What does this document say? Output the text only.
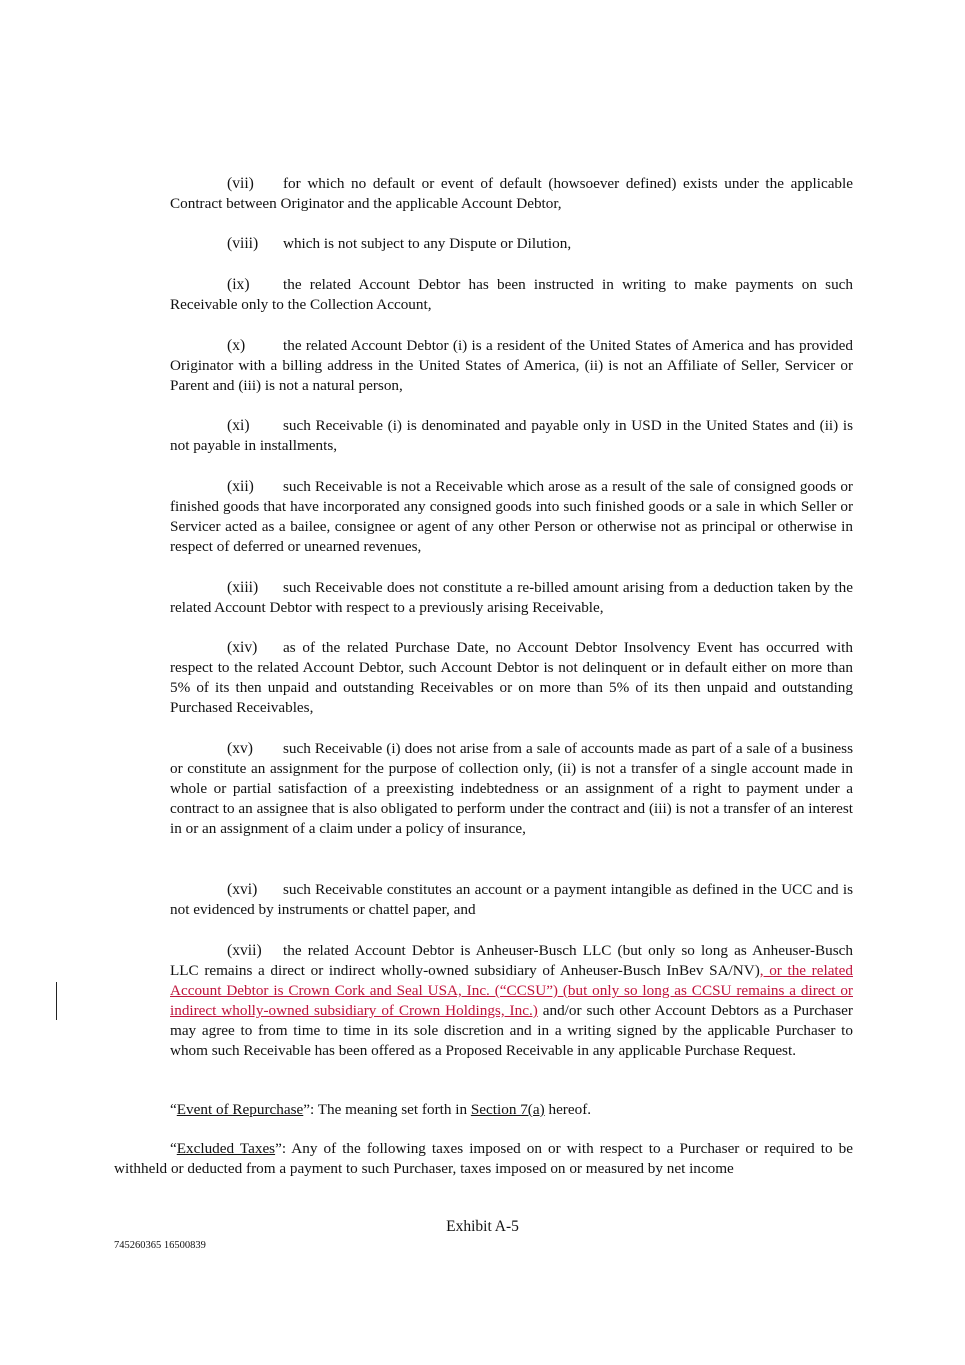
(vii) for which no default or event of default (howsoever defined) exists under the applicable Contract between Originator and the applicable Account Debtor,

(viii) which is not subject to any Dispute or Dilution,

(ix) the related Account Debtor has been instructed in writing to make payments on such Receivable only to the Collection Account,

(x) the related Account Debtor (i) is a resident of the United States of America and has provided Originator with a billing address in the United States of America, (ii) is not an Affiliate of Seller, Servicer or Parent and (iii) is not a natural person,

(xi) such Receivable (i) is denominated and payable only in USD in the United States and (ii) is not payable in installments,

(xii) such Receivable is not a Receivable which arose as a result of the sale of consigned goods or finished goods that have incorporated any consigned goods into such finished goods or a sale in which Seller or Servicer acted as a bailee, consignee or agent of any other Person or otherwise not as principal or otherwise in respect of deferred or unearned revenues,

(xiii) such Receivable does not constitute a re-billed amount arising from a deduction taken by the related Account Debtor with respect to a previously arising Receivable,

(xiv) as of the related Purchase Date, no Account Debtor Insolvency Event has occurred with respect to the related Account Debtor, such Account Debtor is not delinquent or in default either on more than 5% of its then unpaid and outstanding Receivables or on more than 5% of its then unpaid and outstanding Purchased Receivables,

(xv) such Receivable (i) does not arise from a sale of accounts made as part of a sale of a business or constitute an assignment for the purpose of collection only, (ii) is not a transfer of a single account made in whole or partial satisfaction of a preexisting indebtedness or an assignment of a right to payment under a contract to an assignee that is also obligated to perform under the contract and (iii) is not a transfer of an interest in or an assignment of a claim under a policy of insurance,

(xvi) such Receivable constitutes an account or a payment intangible as defined in the UCC and is not evidenced by instruments or chattel paper, and

(xvii) the related Account Debtor is Anheuser-Busch LLC (but only so long as Anheuser-Busch LLC remains a direct or indirect wholly-owned subsidiary of Anheuser-Busch InBev SA/NV), or the related Account Debtor is Crown Cork and Seal USA, Inc. (“CCSU”) (but only so long as CCSU remains a direct or indirect wholly-owned subsidiary of Crown Holdings, Inc.) and/or such other Account Debtors as a Purchaser may agree to from time to time in its sole discretion and in a writing signed by the applicable Purchaser to whom such Receivable has been offered as a Proposed Receivable in any applicable Purchase Request.

“Event of Repurchase”: The meaning set forth in Section 7(a) hereof.

“Excluded Taxes”: Any of the following taxes imposed on or with respect to a Purchaser or required to be withheld or deducted from a payment to such Purchaser, taxes imposed on or measured by net income

Exhibit A-5
745260365 16500839
